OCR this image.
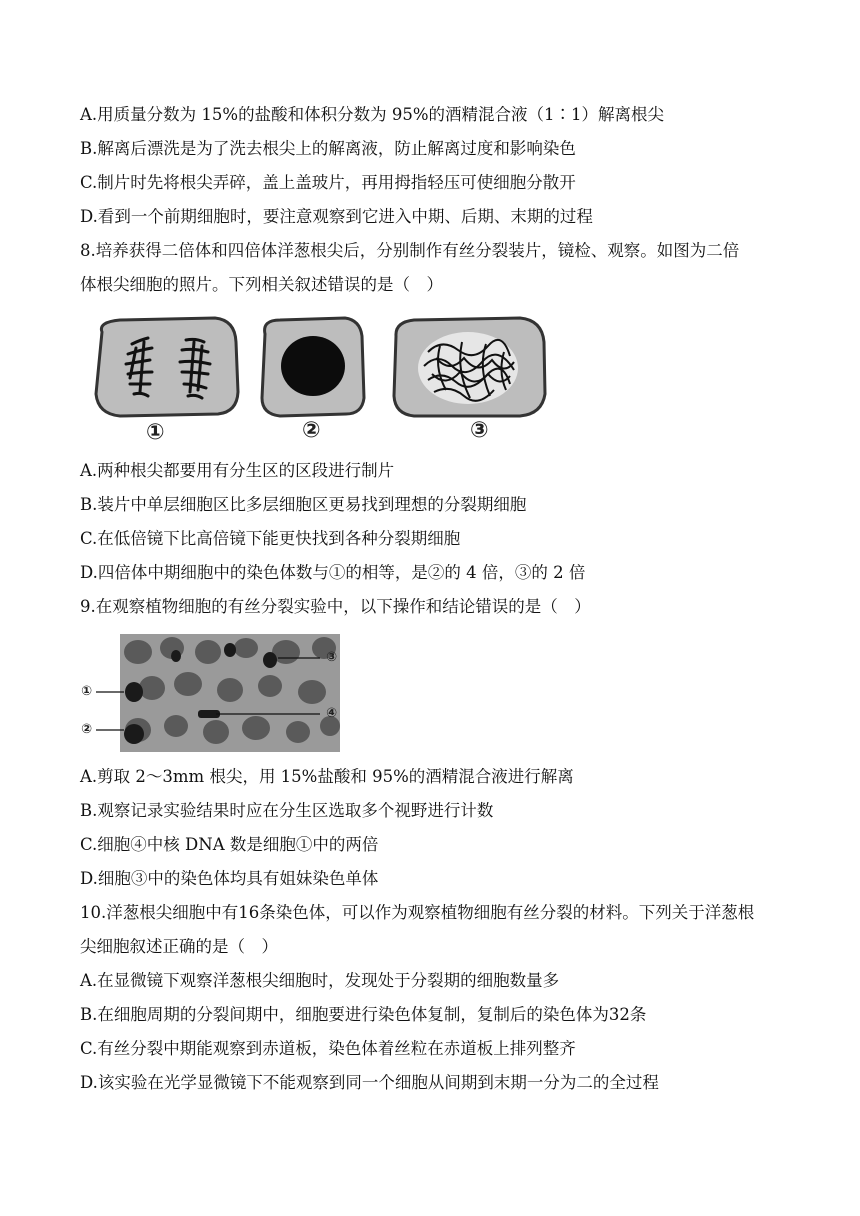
A.用质量分数为 15%的盐酸和体积分数为 95%的酒精混合液（1∶1）解离根尖
B.解离后漂洗是为了洗去根尖上的解离液，防止解离过度和影响染色
C.制片时先将根尖弄碎，盖上盖玻片，再用拇指轻压可使细胞分散开
D.看到一个前期细胞时，要注意观察到它进入中期、后期、末期的过程
8.培养获得二倍体和四倍体洋葱根尖后，分别制作有丝分裂装片，镜检、观察。如图为二倍
体根尖细胞的照片。下列相关叙述错误的是（　）
①	②	③
A.两种根尖都要用有分生区的区段进行制片
B.装片中单层细胞区比多层细胞区更易找到理想的分裂期细胞
C.在低倍镜下比高倍镜下能更快找到各种分裂期细胞
D.四倍体中期细胞中的染色体数与①的相等，是②的 4 倍，③的 2 倍
9.在观察植物细胞的有丝分裂实验中，以下操作和结论错误的是（　）
①
②
③
④
A.剪取 2～3mm 根尖，用 15%盐酸和 95%的酒精混合液进行解离
B.观察记录实验结果时应在分生区选取多个视野进行计数
C.细胞④中核 DNA 数是细胞①中的两倍
D.细胞③中的染色体均具有姐妹染色单体
10.洋葱根尖细胞中有16条染色体，可以作为观察植物细胞有丝分裂的材料。下列关于洋葱根
尖细胞叙述正确的是（　）
A.在显微镜下观察洋葱根尖细胞时，发现处于分裂期的细胞数量多
B.在细胞周期的分裂间期中，细胞要进行染色体复制，复制后的染色体为32条
C.有丝分裂中期能观察到赤道板，染色体着丝粒在赤道板上排列整齐
D.该实验在光学显微镜下不能观察到同一个细胞从间期到末期一分为二的全过程
